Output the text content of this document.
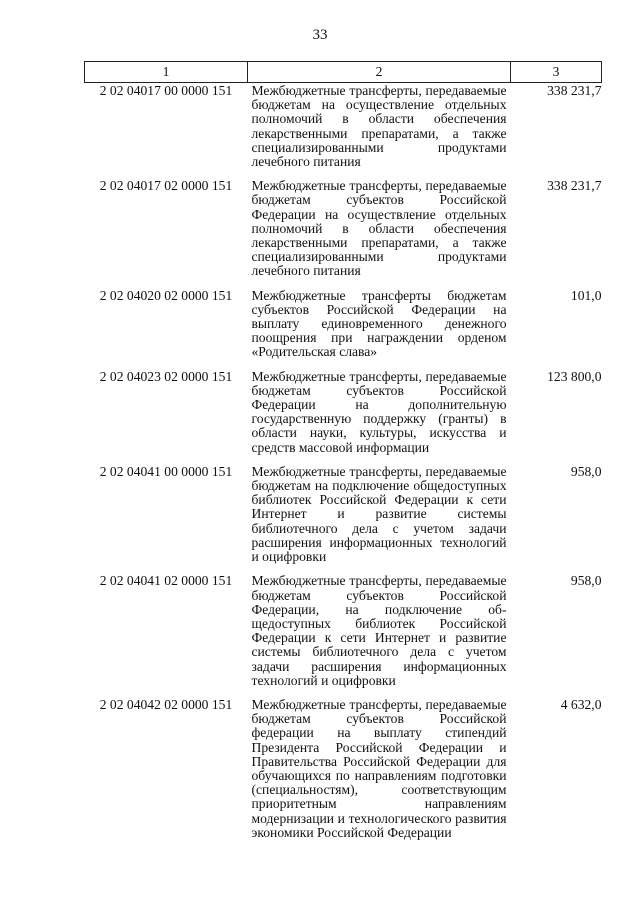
33
1	2	3
2 02 04017 00 0000 151	Межбюджетные трансферты, передаваемые бюджетам на осуществление отдельных полномочий в области обеспечения лекарственными препаратами, а также специализированными продуктами лечебного питания	338 231,7
2 02 04017 02 0000 151	Межбюджетные трансферты, передаваемые бюджетам субъектов Российской Федерации на осуществление отдельных полномочий в области обеспечения лекарственными препаратами, а также специализированными продуктами лечебного питания	338 231,7
2 02 04020 02 0000 151	Межбюджетные трансферты бюджетам субъектов Российской Федерации на выплату единовременного денежного поощрения при награждении орденом «Родительская слава»	101,0
2 02 04023 02 0000 151	Межбюджетные трансферты, передаваемые бюджетам субъектов Российской Федерации на дополнительную государственную поддержку (гранты) в области науки, культуры, искусства и средств массовой информации	123 800,0
2 02 04041 00 0000 151	Межбюджетные трансферты, передаваемые бюджетам на подключение общедоступных библиотек Российской Федерации к сети Интернет и развитие системы библиотечного дела с учетом задачи расширения информационных технологий и оцифровки	958,0
2 02 04041 02 0000 151	Межбюджетные трансферты, передаваемые бюджетам субъектов Российской Федерации, на подключение общедоступных библиотек Российской Федерации к сети Интернет и развитие системы библиотечного дела с учетом задачи расширения информационных технологий и оцифровки	958,0
2 02 04042 02 0000 151	Межбюджетные трансферты, передаваемые бюджетам субъектов Российской федерации на выплату стипендий Президента Российской Федерации и Правительства Российской Федерации для обучающихся по направлениям подготовки (специальностям), соответствующим приоритетным направлениям модернизации и технологического развития экономики Российской Федерации	4 632,0
